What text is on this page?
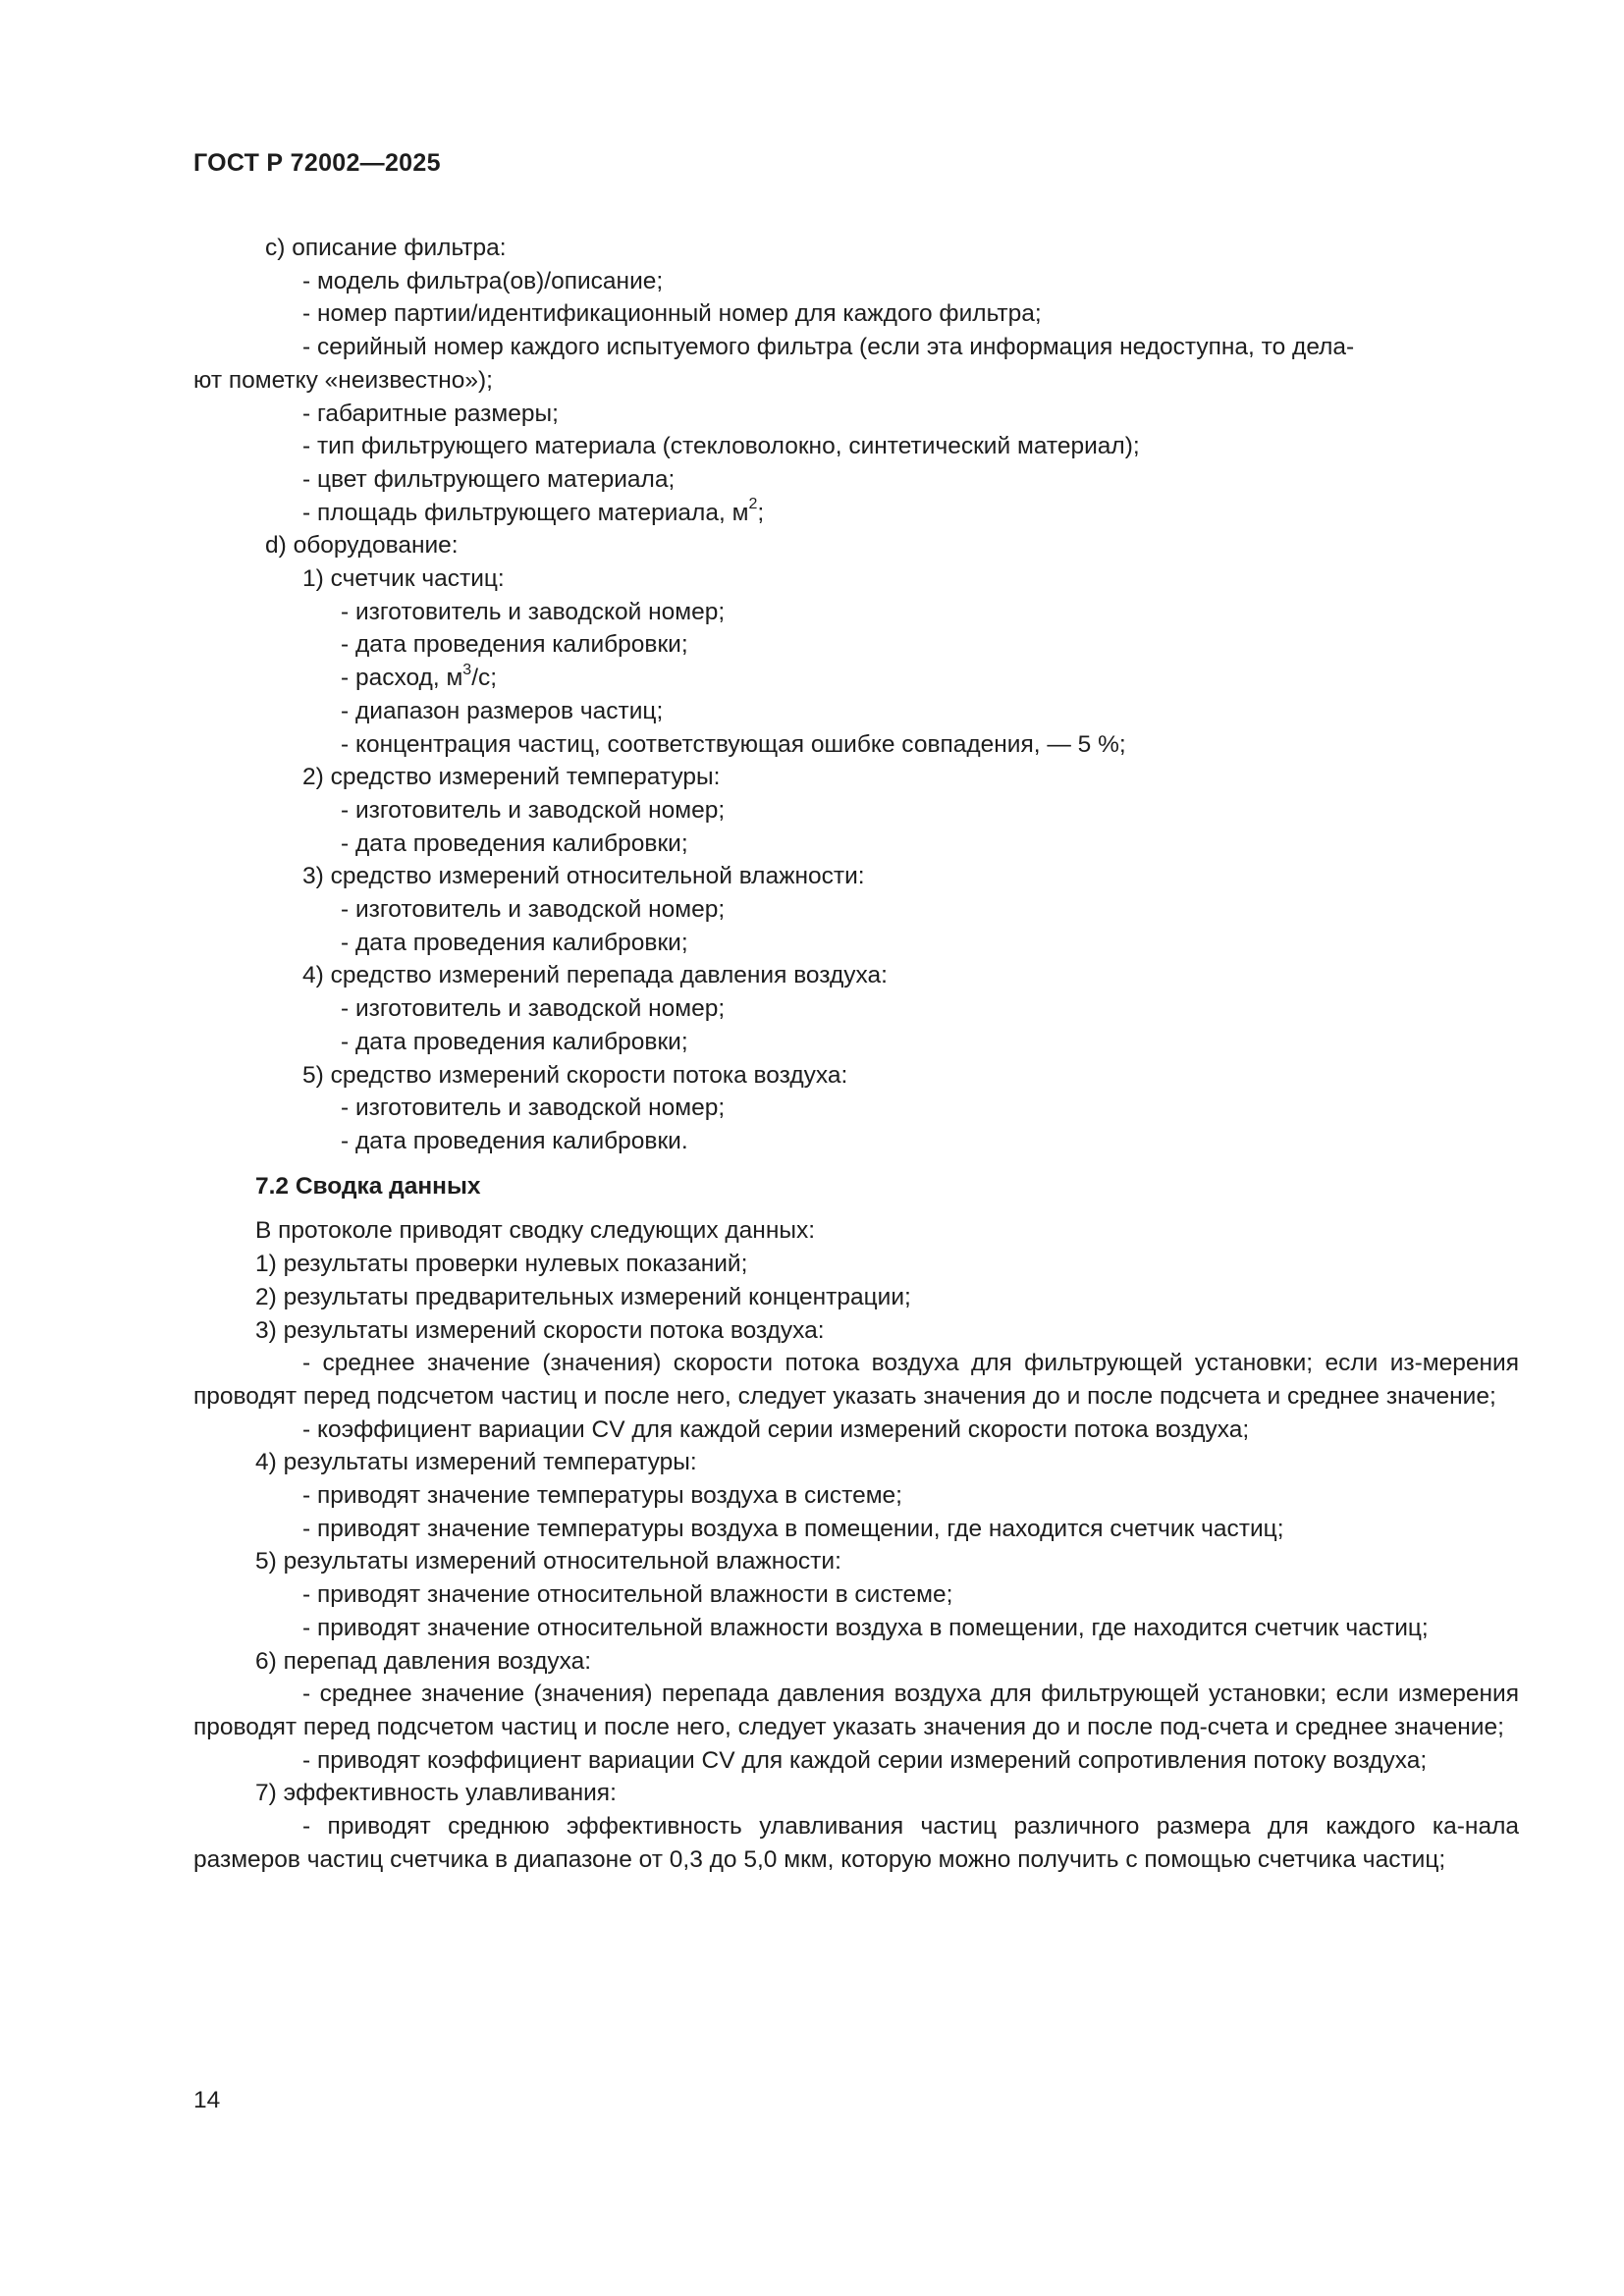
ГОСТ Р 72002—2025
c) описание фильтра:
- модель фильтра(ов)/описание;
- номер партии/идентификационный номер для каждого фильтра;
- серийный номер каждого испытуемого фильтра (если эта информация недоступна, то дела-
ют пометку «неизвестно»);
- габаритные размеры;
- тип фильтрующего материала (стекловолокно, синтетический материал);
- цвет фильтрующего материала;
- площадь фильтрующего материала, $м^2$;
d) оборудование:
1) счетчик частиц:
- изготовитель и заводской номер;
- дата проведения калибровки;
- расход, $м^3/с$;
- диапазон размеров частиц;
- концентрация частиц, соответствующая ошибке совпадения, — 5 %;
2) средство измерений температуры:
- изготовитель и заводской номер;
- дата проведения калибровки;
3) средство измерений относительной влажности:
- изготовитель и заводской номер;
- дата проведения калибровки;
4) средство измерений перепада давления воздуха:
- изготовитель и заводской номер;
- дата проведения калибровки;
5) средство измерений скорости потока воздуха:
- изготовитель и заводской номер;
- дата проведения калибровки.
7.2 Сводка данных
В протоколе приводят сводку следующих данных:
1) результаты проверки нулевых показаний;
2) результаты предварительных измерений концентрации;
3) результаты измерений скорости потока воздуха:
- среднее значение (значения) скорости потока воздуха для фильтрующей установки; если из-мерения проводят перед подсчетом частиц и после него, следует указать значения до и после подсчета и среднее значение;
- коэффициент вариации CV для каждой серии измерений скорости потока воздуха;
4) результаты измерений температуры:
- приводят значение температуры воздуха в системе;
- приводят значение температуры воздуха в помещении, где находится счетчик частиц;
5) результаты измерений относительной влажности:
- приводят значение относительной влажности в системе;
- приводят значение относительной влажности воздуха в помещении, где находится счетчик частиц;
6) перепад давления воздуха:
- среднее значение (значения) перепада давления воздуха для фильтрующей установки; если измерения проводят перед подсчетом частиц и после него, следует указать значения до и после под-счета и среднее значение;
- приводят коэффициент вариации CV для каждой серии измерений сопротивления потоку воздуха;
7) эффективность улавливания:
- приводят среднюю эффективность улавливания частиц различного размера для каждого ка-нала размеров частиц счетчика в диапазоне от 0,3 до 5,0 мкм, которую можно получить с помощью счетчика частиц;
14
